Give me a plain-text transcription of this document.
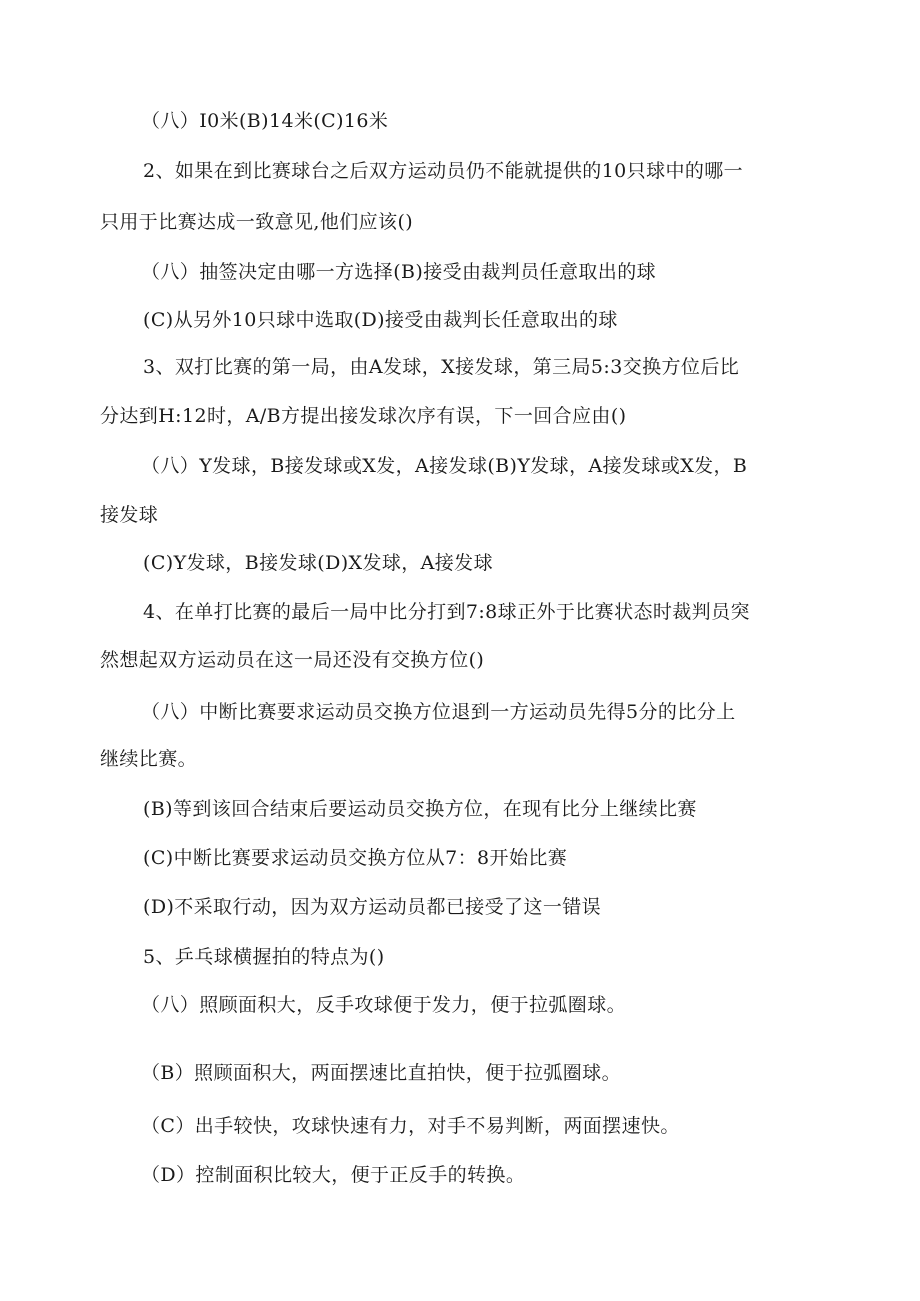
（八）I0米(B)14米(C)16米
2、如果在到比赛球台之后双方运动员仍不能就提供的10只球中的哪一
只用于比赛达成一致意见,他们应该()
（八）抽签决定由哪一方选择(B)接受由裁判员任意取出的球
(C)从另外10只球中选取(D)接受由裁判长任意取出的球
3、双打比赛的第一局，由A发球，X接发球，第三局5:3交换方位后比
分达到H:12时，A/B方提出接发球次序有误，下一回合应由()
（八）Y发球，B接发球或X发，A接发球(B)Y发球，A接发球或X发，B
接发球
(C)Y发球，B接发球(D)X发球，A接发球
4、在单打比赛的最后一局中比分打到7:8球正外于比赛状态时裁判员突
然想起双方运动员在这一局还没有交换方位()
（八）中断比赛要求运动员交换方位退到一方运动员先得5分的比分上
继续比赛。
(B)等到该回合结束后要运动员交换方位，在现有比分上继续比赛
(C)中断比赛要求运动员交换方位从7：8开始比赛
(D)不采取行动，因为双方运动员都已接受了这一错误
5、乒乓球横握拍的特点为()
（八）照顾面积大，反手攻球便于发力，便于拉弧圈球。
（B）照顾面积大，两面摆速比直拍快，便于拉弧圈球。
（C）出手较快，攻球快速有力，对手不易判断，两面摆速快。
（D）控制面积比较大，便于正反手的转换。
